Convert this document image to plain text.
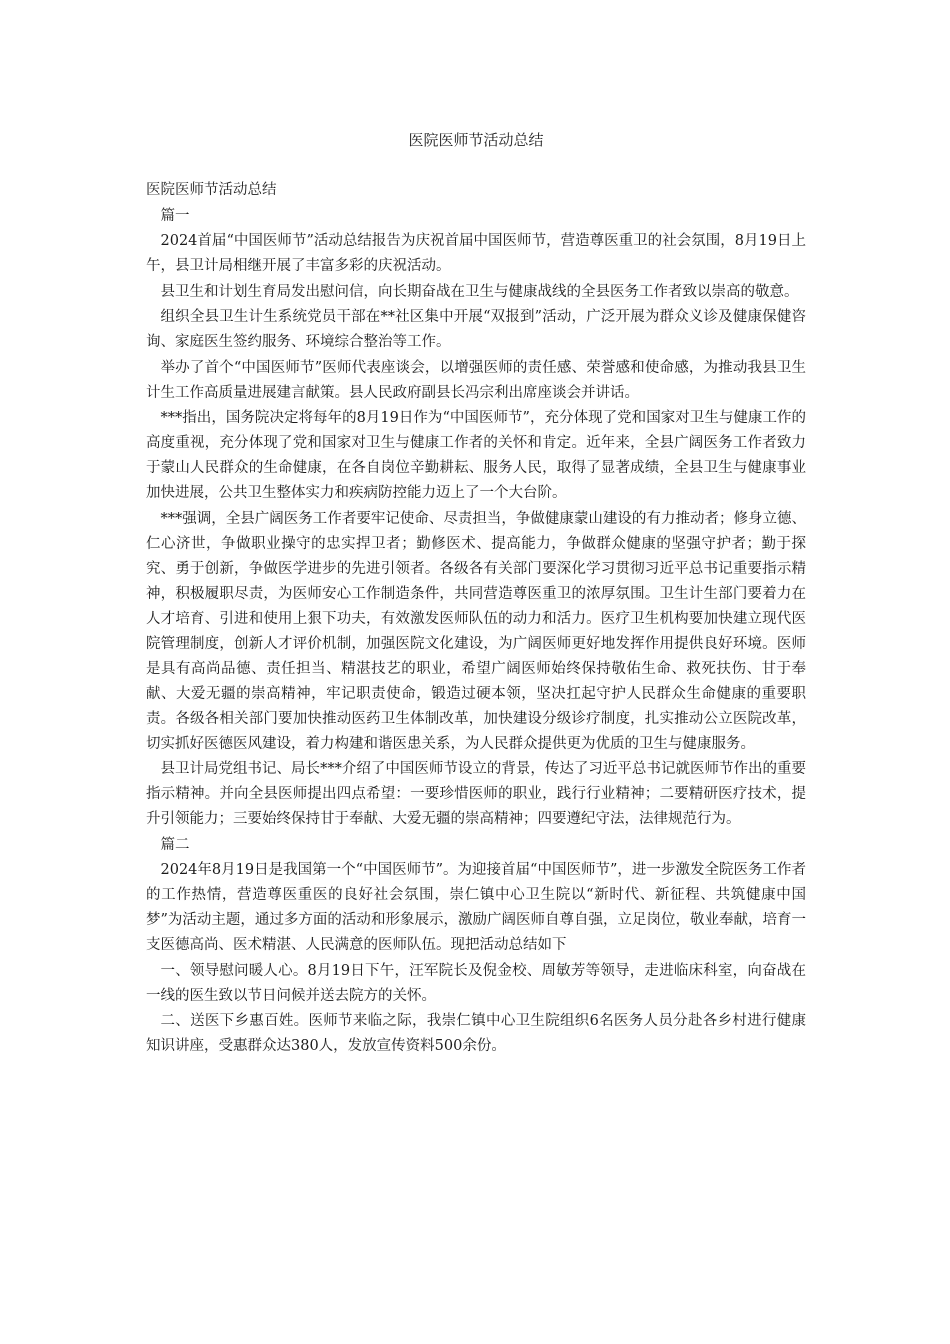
医院医师节活动总结

医院医师节活动总结

篇一

2024首届“中国医师节”活动总结报告为庆祝首届中国医师节，营造尊医重卫的社会氛围，8月19日上午，县卫计局相继开展了丰富多彩的庆祝活动。

县卫生和计划生育局发出慰问信，向长期奋战在卫生与健康战线的全县医务工作者致以崇高的敬意。

组织全县卫生计生系统党员干部在**社区集中开展“双报到”活动，广泛开展为群众义诊及健康保健咨询、家庭医生签约服务、环境综合整治等工作。

举办了首个“中国医师节”医师代表座谈会，以增强医师的责任感、荣誉感和使命感，为推动我县卫生计生工作高质量进展建言献策。县人民政府副县长冯宗利出席座谈会并讲话。

***指出，国务院决定将每年的8月19日作为“中国医师节”，充分体现了党和国家对卫生与健康工作的高度重视，充分体现了党和国家对卫生与健康工作者的关怀和肯定。近年来，全县广阔医务工作者致力于蒙山人民群众的生命健康，在各自岗位辛勤耕耘、服务人民，取得了显著成绩，全县卫生与健康事业加快进展，公共卫生整体实力和疾病防控能力迈上了一个大台阶。

***强调，全县广阔医务工作者要牢记使命、尽责担当，争做健康蒙山建设的有力推动者；修身立德、仁心济世，争做职业操守的忠实捍卫者；勤修医术、提高能力，争做群众健康的坚强守护者；勤于探究、勇于创新，争做医学进步的先进引领者。各级各有关部门要深化学习贯彻习近平总书记重要指示精神，积极履职尽责，为医师安心工作制造条件，共同营造尊医重卫的浓厚氛围。卫生计生部门要着力在人才培育、引进和使用上狠下功夫，有效激发医师队伍的动力和活力。医疗卫生机构要加快建立现代医院管理制度，创新人才评价机制，加强医院文化建设，为广阔医师更好地发挥作用提供良好环境。医师是具有高尚品德、责任担当、精湛技艺的职业，希望广阔医师始终保持敬佑生命、救死扶伤、甘于奉献、大爱无疆的崇高精神，牢记职责使命，锻造过硬本领，坚决扛起守护人民群众生命健康的重要职责。各级各相关部门要加快推动医药卫生体制改革，加快建设分级诊疗制度，扎实推动公立医院改革，切实抓好医德医风建设，着力构建和谐医患关系，为人民群众提供更为优质的卫生与健康服务。

县卫计局党组书记、局长***介绍了中国医师节设立的背景，传达了习近平总书记就医师节作出的重要指示精神。并向全县医师提出四点希望：一要珍惜医师的职业，践行行业精神；二要精研医疗技术，提升引领能力；三要始终保持甘于奉献、大爱无疆的崇高精神；四要遵纪守法，法律规范行为。

篇二

2024年8月19日是我国第一个“中国医师节”。为迎接首届“中国医师节”，进一步激发全院医务工作者的工作热情，营造尊医重医的良好社会氛围，崇仁镇中心卫生院以“新时代、新征程、共筑健康中国梦”为活动主题，通过多方面的活动和形象展示，激励广阔医师自尊自强，立足岗位，敬业奉献，培育一支医德高尚、医术精湛、人民满意的医师队伍。现把活动总结如下

一、领导慰问暖人心。8月19日下午，汪军院长及倪金校、周敏芳等领导，走进临床科室，向奋战在一线的医生致以节日问候并送去院方的关怀。

二、送医下乡惠百姓。医师节来临之际，我崇仁镇中心卫生院组织6名医务人员分赴各乡村进行健康知识讲座，受惠群众达380人，发放宣传资料500余份。
